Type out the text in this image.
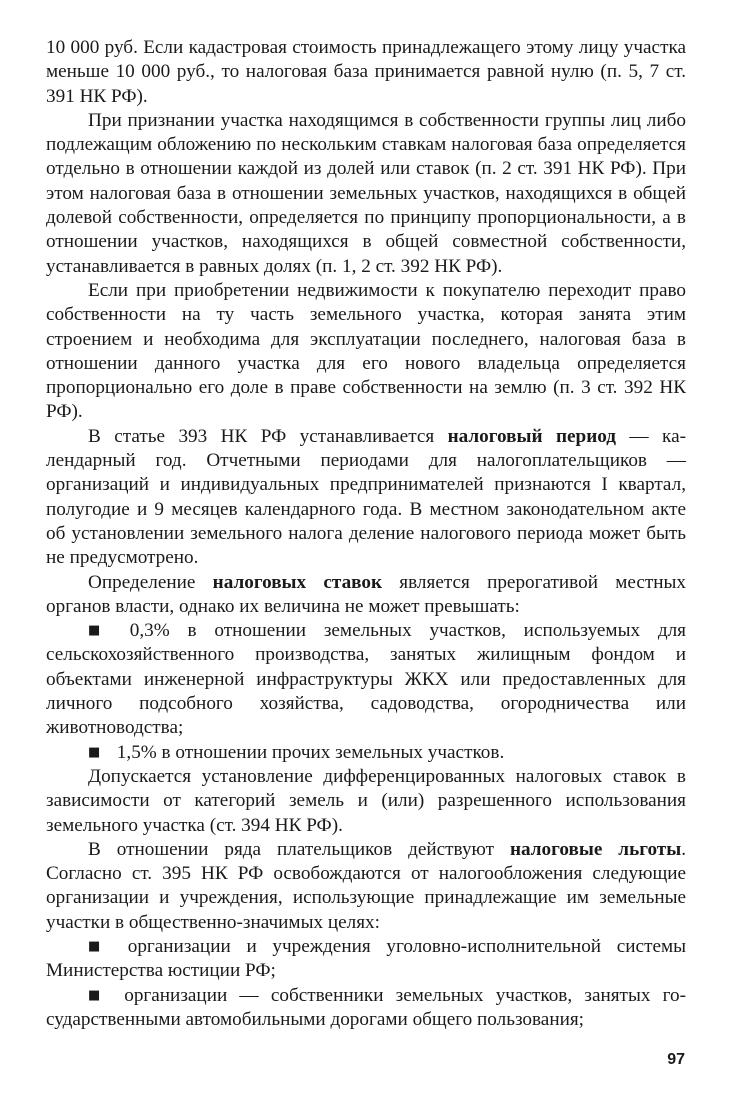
10 000 руб. Если кадастровая стоимость принадлежащего этому лицу участка меньше 10 000 руб., то налоговая база принимается равной нулю (п. 5, 7 ст. 391 НК РФ).

При признании участка находящимся в собственности группы лиц либо подлежащим обложению по нескольким ставкам налоговая база определяется отдельно в отношении каждой из долей или ставок (п. 2 ст. 391 НК РФ). При этом налоговая база в отношении земельных участков, находящихся в общей долевой собственности, определяется по принципу пропорциональности, а в отношении участков, находящихся в общей совместной собственности, устанавливается в равных долях (п. 1, 2 ст. 392 НК РФ).

Если при приобретении недвижимости к покупателю переходит право собственности на ту часть земельного участка, которая занята этим строением и необходима для эксплуатации последнего, налоговая база в отношении данного участка для его нового владельца определяется пропорционально его доле в праве собственности на землю (п. 3 ст. 392 НК РФ).

В статье 393 НК РФ устанавливается налоговый период — календарный год. Отчетными периодами для налогоплательщиков — организаций и индивидуальных предпринимателей признаются I квартал, полугодие и 9 месяцев календарного года. В местном законодательном акте об установлении земельного налога деление налогового периода может быть не предусмотрено.

Определение налоговых ставок является прерогативой местных органов власти, однако их величина не может превышать:

■ 0,3% в отношении земельных участков, используемых для сельскохозяйственного производства, занятых жилищным фондом и объектами инженерной инфраструктуры ЖКХ или предоставленных для личного подсобного хозяйства, садоводства, огородничества или животноводства;

■ 1,5% в отношении прочих земельных участков.

Допускается установление дифференцированных налоговых ставок в зависимости от категорий земель и (или) разрешенного использования земельного участка (ст. 394 НК РФ).

В отношении ряда плательщиков действуют налоговые льготы. Согласно ст. 395 НК РФ освобождаются от налогообложения следующие организации и учреждения, использующие принадлежащие им земельные участки в общественно-значимых целях:

■ организации и учреждения уголовно-исполнительной системы Министерства юстиции РФ;

■ организации — собственники земельных участков, занятых государственными автомобильными дорогами общего пользования;

97
